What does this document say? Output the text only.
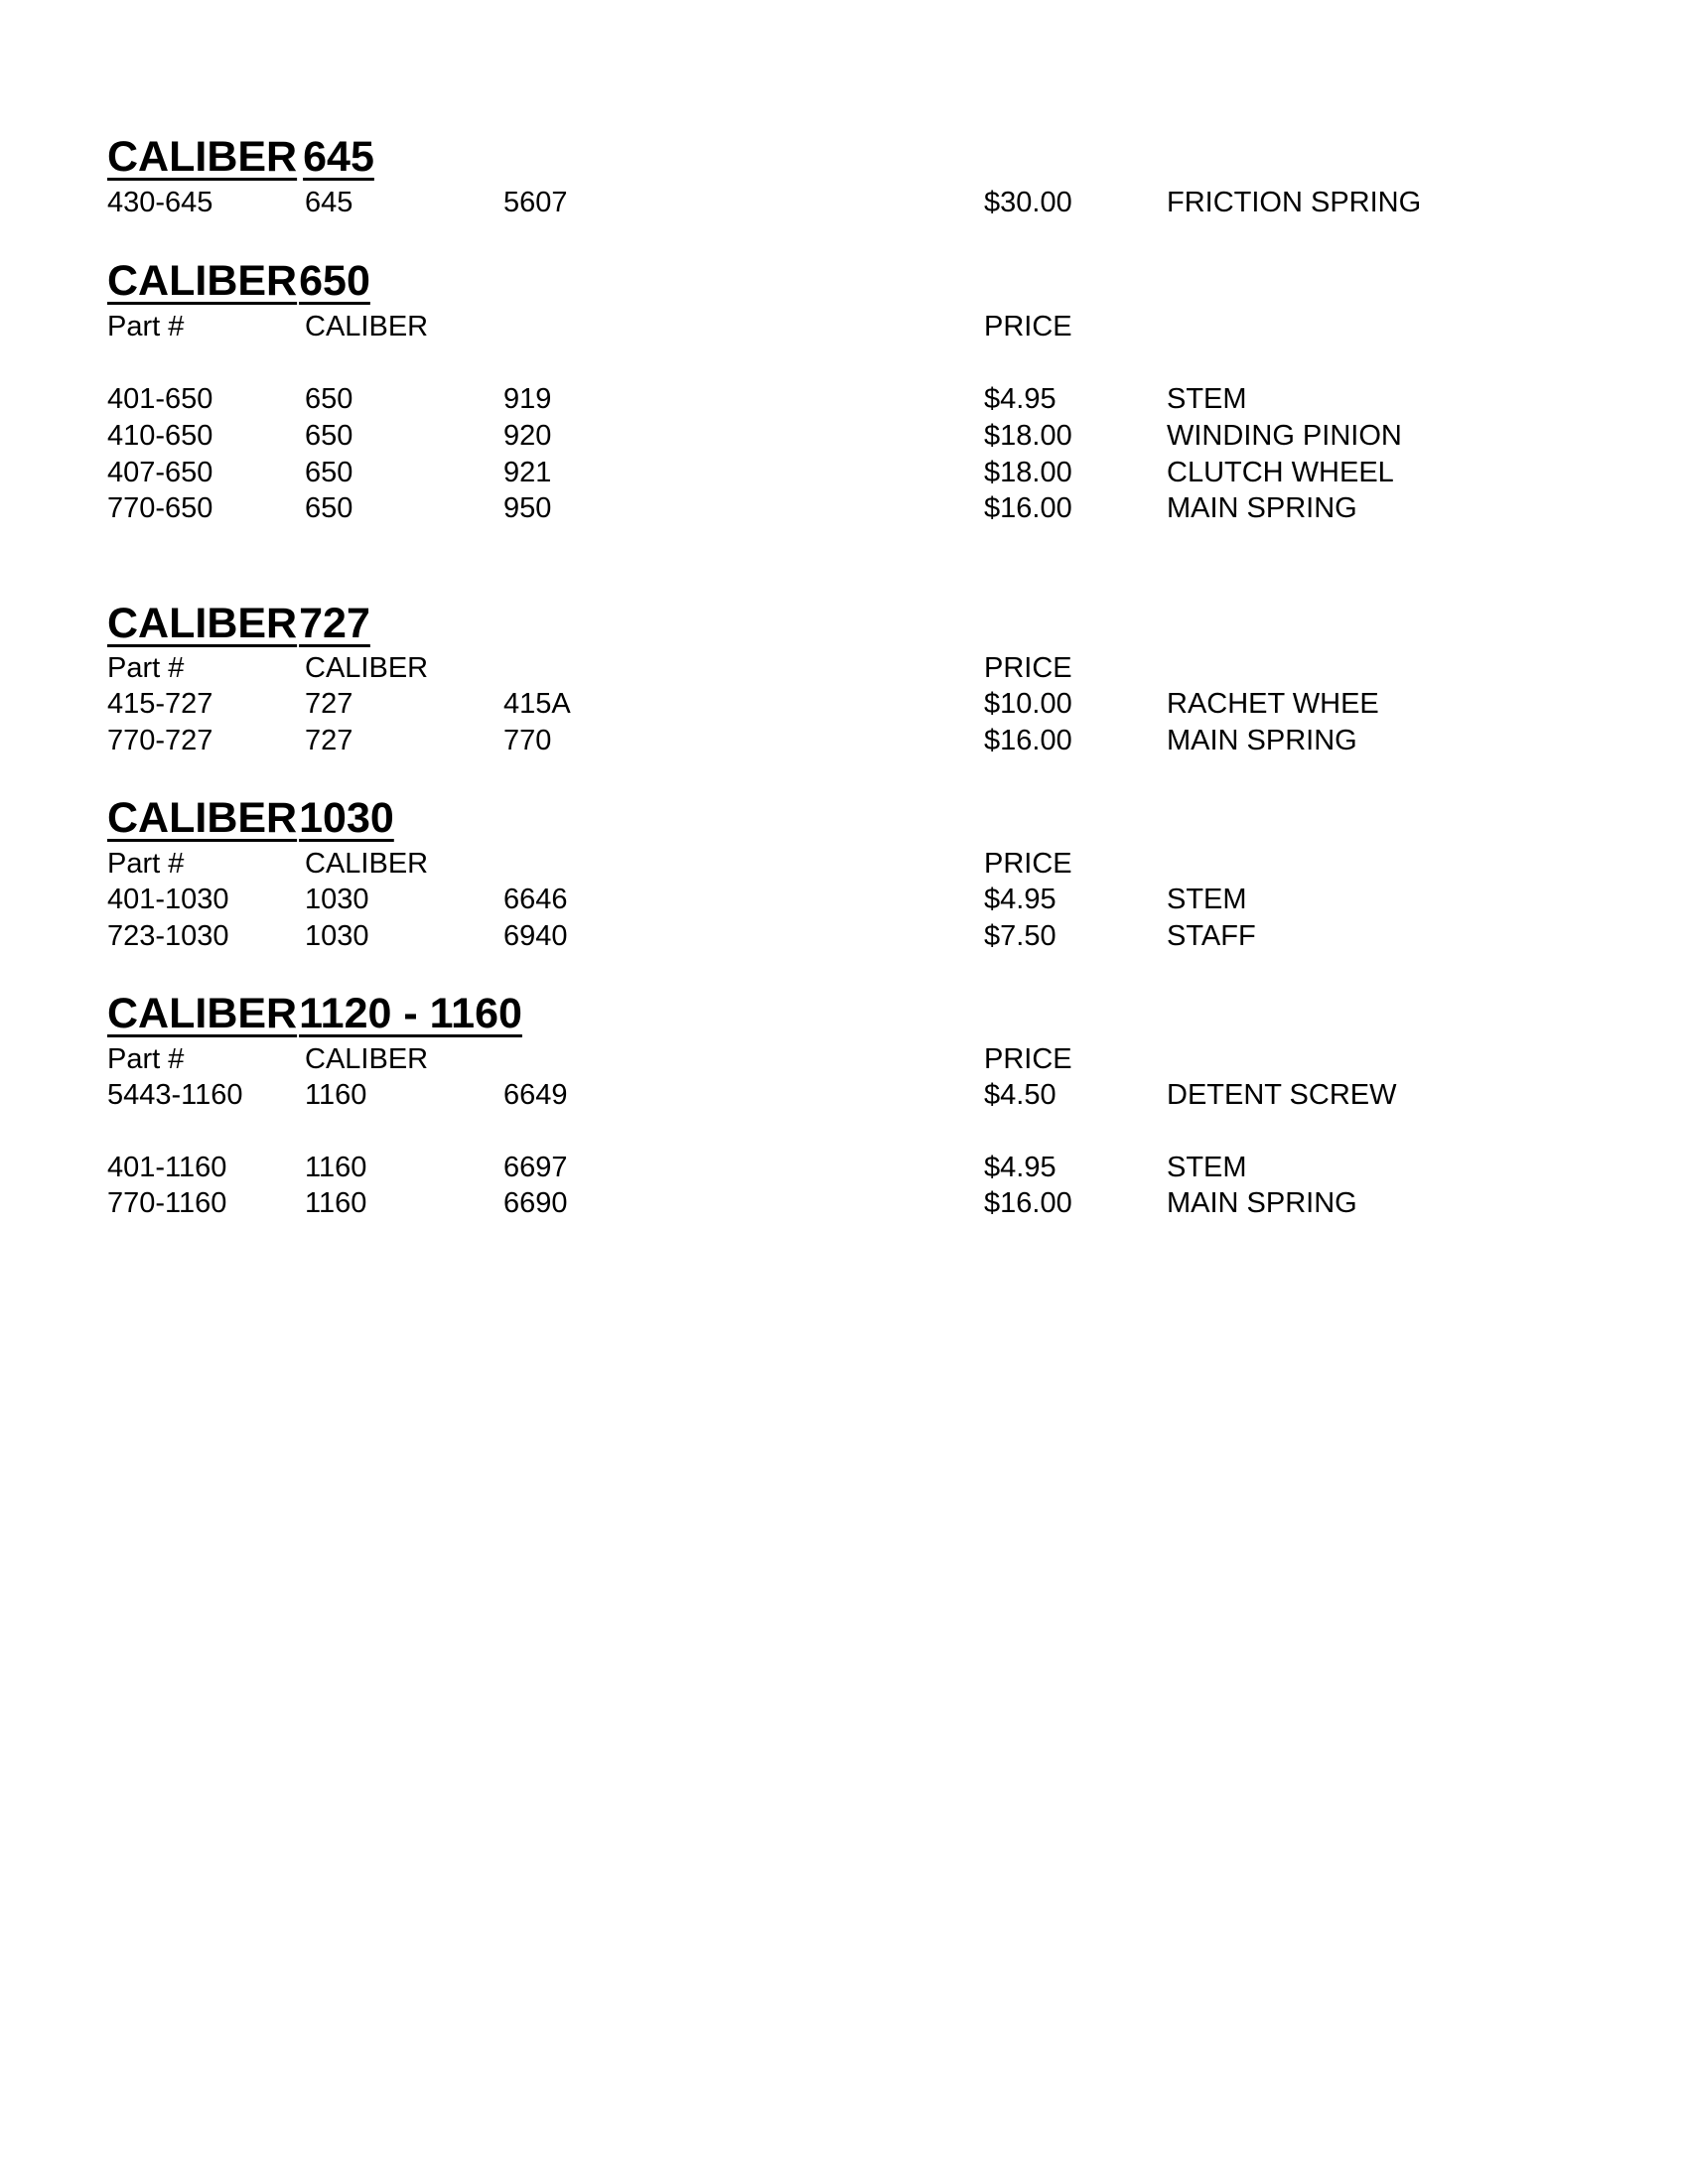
CALIBER 645
430-645	645	5607	$30.00	FRICTION SPRING
CALIBER650
Part #	CALIBER	PRICE
401-650	650	919	$4.95	STEM
410-650	650	920	$18.00	WINDING PINION
407-650	650	921	$18.00	CLUTCH WHEEL
770-650	650	950	$16.00	MAIN SPRING
CALIBER727
Part #	CALIBER	PRICE
415-727	727	415A	$10.00	RACHET WHEE
770-727	727	770	$16.00	MAIN SPRING
CALIBER1030
Part #	CALIBER	PRICE
401-1030	1030	6646	$4.95	STEM
723-1030	1030	6940	$7.50	STAFF
CALIBER1120 - 1160
Part #	CALIBER	PRICE
5443-1160 1160	6649	$4.50	DETENT SCREW
401-1160	1160	6697	$4.95	STEM
770-1160	1160	6690	$16.00	MAIN SPRING
